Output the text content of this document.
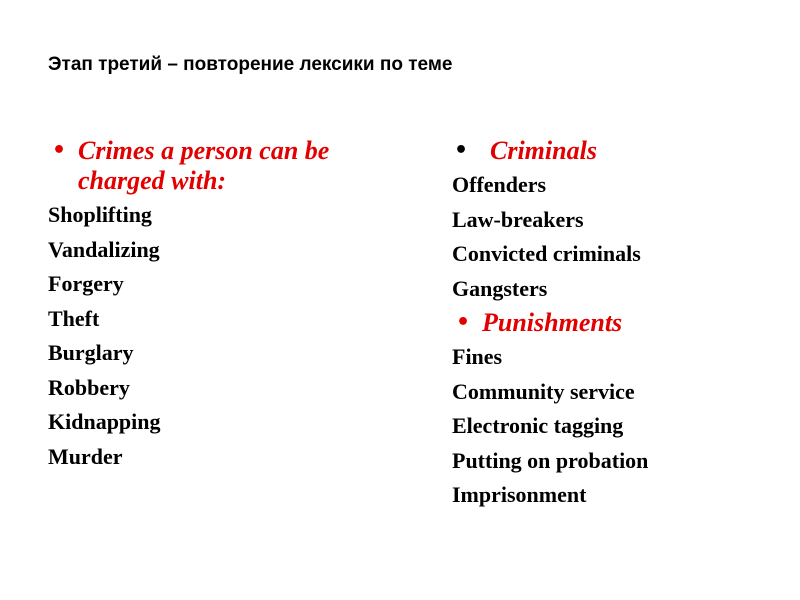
Этап третий – повторение лексики по теме
• Crimes a person can be charged with:
Shoplifting
Vandalizing
Forgery
Theft
Burglary
Robbery
Kidnapping
Murder
• Criminals
Offenders
Law-breakers
Convicted criminals
Gangsters
• Punishments
Fines
Community service
Electronic tagging
Putting on probation
Imprisonment
